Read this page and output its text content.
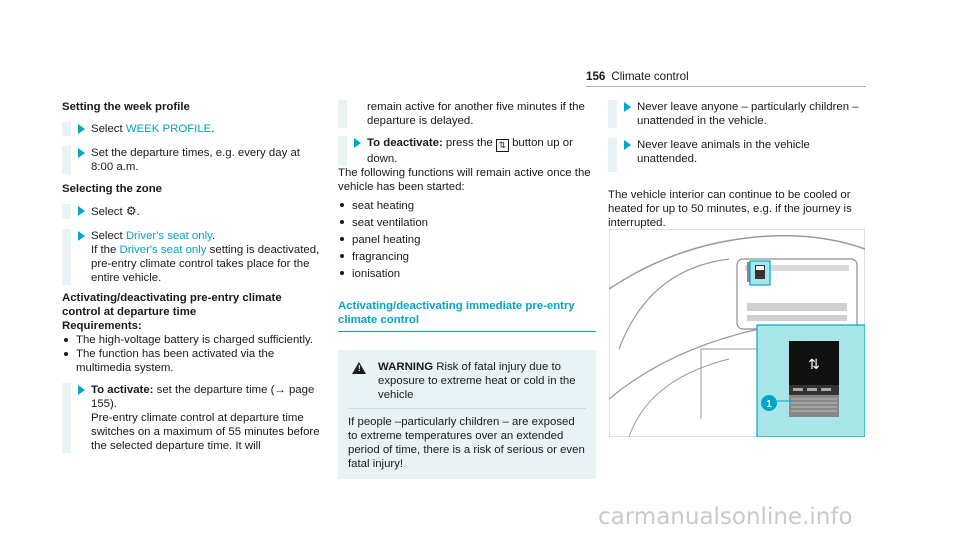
156 Climate control

Setting the week profile

Select WEEK PROFILE.
Set the departure times, e.g. every day at 8:00 a.m.

Selecting the zone

Select ⚙.
Select Driver's seat only.
If the Driver's seat only setting is deactivated, pre-entry climate control takes place for the entire vehicle.

Activating/deactivating pre-entry climate control at departure time

Requirements:

The high-voltage battery is charged sufficiently.
The function has been activated via the multimedia system.
To activate: set the departure time (→ page 155).
Pre-entry climate control at departure time switches on a maximum of 55 minutes before the selected departure time. It will
remain active for another five minutes if the departure is delayed.
To deactivate: press the ⇅ button up or down.

The following functions will remain active once the vehicle has been started:

seat heating
seat ventilation
panel heating
fragrancing
ionisation
Activating/deactivating immediate pre-entry climate control
! WARNING Risk of fatal injury due to exposure to extreme heat or cold in the vehicle
If people –particularly children – are exposed to extreme temperatures over an extended period of time, there is a risk of serious or even fatal injury!
Never leave anyone – particularly children – unattended in the vehicle.
Never leave animals in the vehicle unattended.

The vehicle interior can continue to be cooled or heated for up to 50 minutes, e.g. if the journey is interrupted.

⇅
1
carmanualsonline.info
